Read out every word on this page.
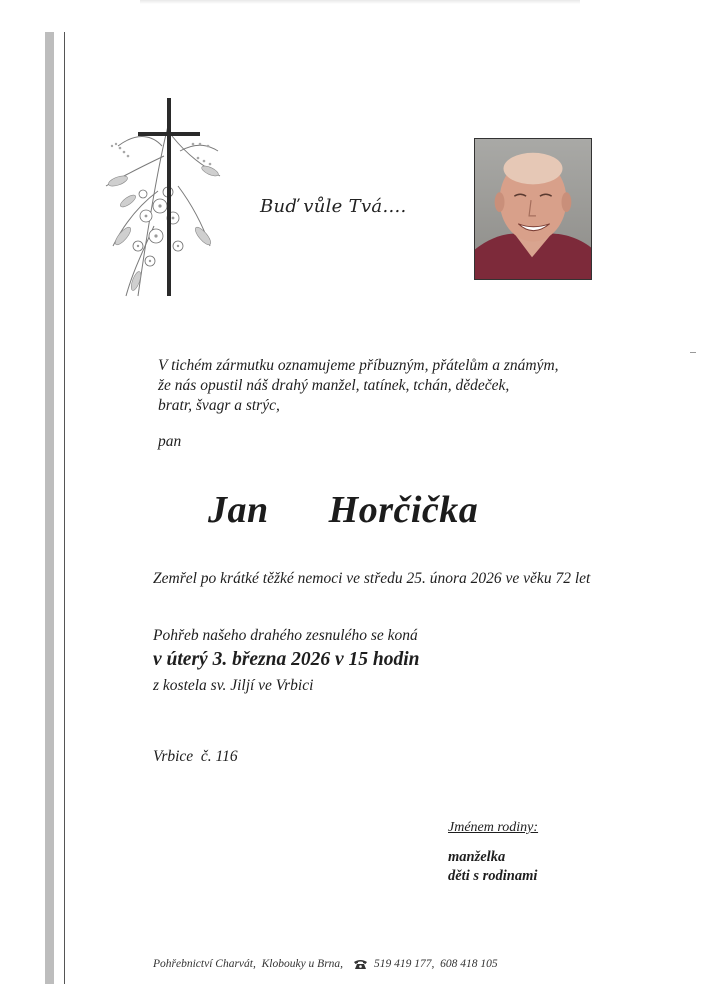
Buď vůle Tvá....
V tichém zármutku oznamujeme příbuzným, přátelům a známým,
že nás opustil náš drahý manžel, tatínek, tchán, dědeček,
bratr, švagr a strýc,
pan
Jan   Horčička
Zemřel po krátké těžké nemoci ve středu 25. února 2026 ve věku 72 let
Pohřeb našeho drahého zesnulého se koná
v úterý 3. března 2026 v 15 hodin
z kostela sv. Jiljí ve Vrbici
Vrbice  č. 116
Jménem rodiny:
manželka
děti s rodinami
Pohřebnictví Charvát,  Klobouky u Brna,	519 419 177,  608 418 105
